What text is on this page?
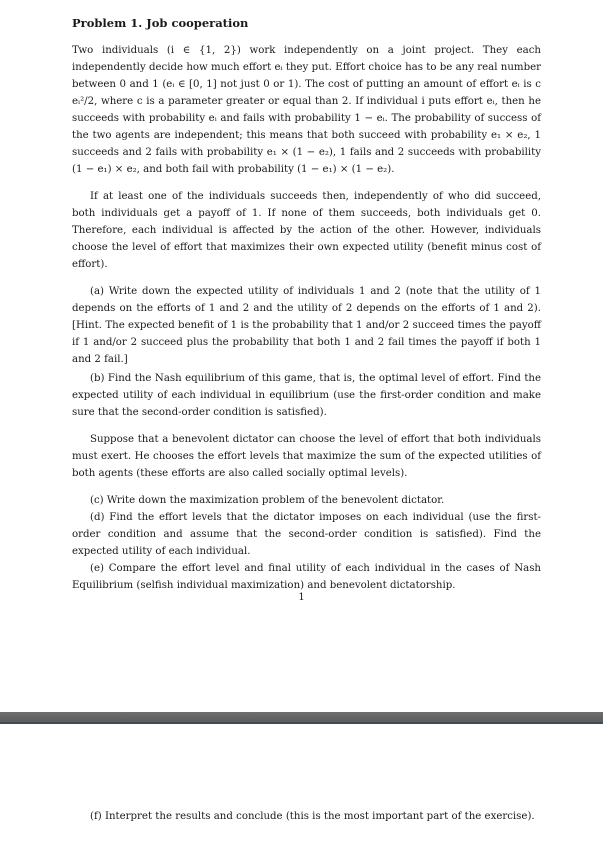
Problem 1. Job cooperation

Two individuals (i ∈ {1, 2}) work independently on a joint project. They each independently decide how much effort eᵢ they put. Effort choice has to be any real number between 0 and 1 (eᵢ ∈ [0, 1] not just 0 or 1). The cost of putting an amount of effort eᵢ is c eᵢ²/2, where c is a parameter greater or equal than 2. If individual i puts effort eᵢ, then he succeeds with probability eᵢ and fails with probability 1 − eᵢ. The probability of success of the two agents are independent; this means that both succeed with probability e₁ × e₂, 1 succeeds and 2 fails with probability e₁ × (1 − e₂), 1 fails and 2 succeeds with probability (1 − e₁) × e₂, and both fail with probability (1 − e₁) × (1 − e₂).

If at least one of the individuals succeeds then, independently of who did succeed, both individuals get a payoff of 1. If none of them succeeds, both individuals get 0. Therefore, each individual is affected by the action of the other. However, individuals choose the level of effort that maximizes their own expected utility (benefit minus cost of effort).

(a) Write down the expected utility of individuals 1 and 2 (note that the utility of 1 depends on the efforts of 1 and 2 and the utility of 2 depends on the efforts of 1 and 2). [Hint. The expected benefit of 1 is the probability that 1 and/or 2 succeed times the payoff if 1 and/or 2 succeed plus the probability that both 1 and 2 fail times the payoff if both 1 and 2 fail.]

(b) Find the Nash equilibrium of this game, that is, the optimal level of effort. Find the expected utility of each individual in equilibrium (use the first-order condition and make sure that the second-order condition is satisfied).

Suppose that a benevolent dictator can choose the level of effort that both individuals must exert. He chooses the effort levels that maximize the sum of the expected utilities of both agents (these efforts are also called socially optimal levels).

(c) Write down the maximization problem of the benevolent dictator.

(d) Find the effort levels that the dictator imposes on each individual (use the first-order condition and assume that the second-order condition is satisfied). Find the expected utility of each individual.

(e) Compare the effort level and final utility of each individual in the cases of Nash Equilibrium (selfish individual maximization) and benevolent dictatorship.

1

(f) Interpret the results and conclude (this is the most important part of the exercise).
